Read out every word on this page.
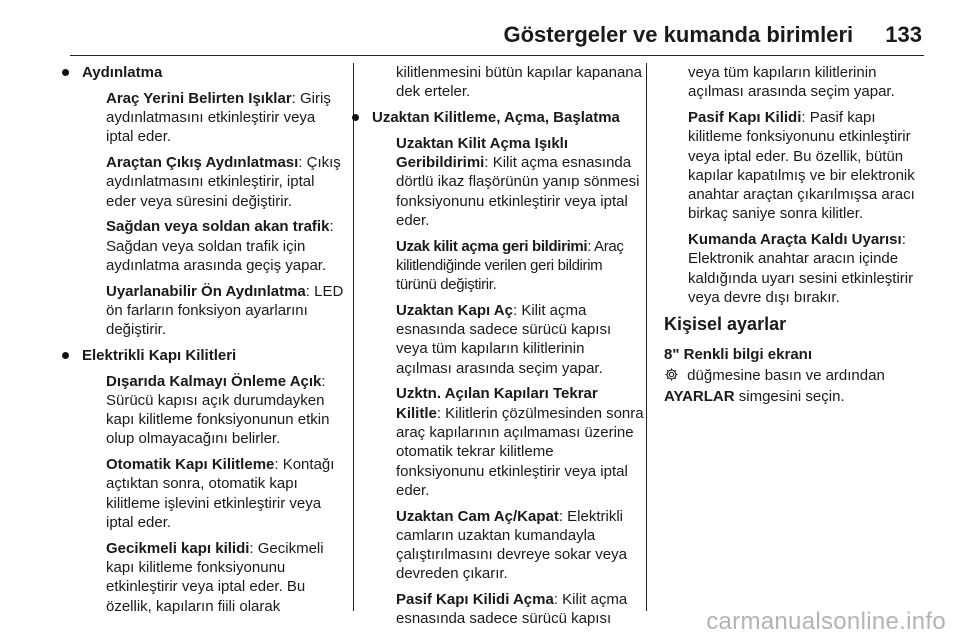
Göstergeler ve kumanda birimleri 133

Aydınlatma

Araç Yerini Belirten Işıklar: Giriş aydınlatmasını etkinleştirir veya iptal eder.

Araçtan Çıkış Aydınlatması: Çıkış aydınlatmasını etkinleştirir, iptal eder veya süresini değiştirir.

Sağdan veya soldan akan trafik: Sağdan veya soldan trafik için aydınlatma arasında geçiş yapar.

Uyarlanabilir Ön Aydınlatma: LED ön farların fonksiyon ayarlarını değiştirir.

Elektrikli Kapı Kilitleri

Dışarıda Kalmayı Önleme Açık: Sürücü kapısı açık durumdayken kapı kilitleme fonksiyonunun etkin olup olmayacağını belirler.

Otomatik Kapı Kilitleme: Kontağı açtıktan sonra, otomatik kapı kilitleme işlevini etkinleştirir veya iptal eder.

Gecikmeli kapı kilidi: Gecikmeli kapı kilitleme fonksiyonunu etkinleştirir veya iptal eder. Bu özellik, kapıların fiili olarak

kilitlenmesini bütün kapılar kapanana dek erteler.

Uzaktan Kilitleme, Açma, Başlatma

Uzaktan Kilit Açma Işıklı Geribildirimi: Kilit açma esnasında dörtlü ikaz flaşörünün yanıp sönmesi fonksiyonunu etkinleştirir veya iptal eder.

Uzak kilit açma geri bildirimi: Araç kilitlendiğinde verilen geri bildirim türünü değiştirir.

Uzaktan Kapı Aç: Kilit açma esnasında sadece sürücü kapısı veya tüm kapıların kilitlerinin açılması arasında seçim yapar.

Uzktn. Açılan Kapıları Tekrar Kilitle: Kilitlerin çözülmesinden sonra araç kapılarının açılmaması üzerine otomatik tekrar kilitleme fonksiyonunu etkinleştirir veya iptal eder.

Uzaktan Cam Aç/Kapat: Elektrikli camların uzaktan kumandayla çalıştırılmasını devreye sokar veya devreden çıkarır.

Pasif Kapı Kilidi Açma: Kilit açma esnasında sadece sürücü kapısı

veya tüm kapıların kilitlerinin açılması arasında seçim yapar.

Pasif Kapı Kilidi: Pasif kapı kilitleme fonksiyonunu etkinleştirir veya iptal eder. Bu özellik, bütün kapılar kapatılmış ve bir elektronik anahtar araçtan çıkarılmışsa aracı birkaç saniye sonra kilitler.

Kumanda Araçta Kaldı Uyarısı: Elektronik anahtar aracın içinde kaldığında uyarı sesini etkinleştirir veya devre dışı bırakır.

Kişisel ayarlar

8" Renkli bilgi ekranı

düğmesine basın ve ardından AYARLAR simgesini seçin.

carmanualsonline.info
